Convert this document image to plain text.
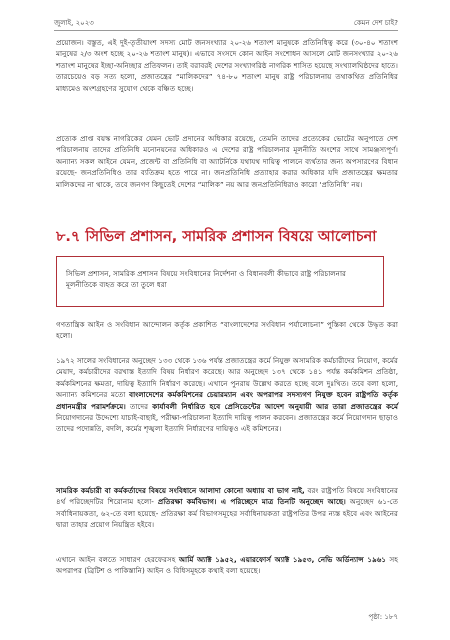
জুলাই, ২০২৩	কেমন দেশ চাই?

প্রয়োজন। বস্তুত, এই দুই-তৃতীয়াংশ সদস্য মোট জনসংখ্যার ২০-২৬ শতাংশ মানুষকে প্রতিনিধিত্ব করে (৩০-৪০ শতাংশ মানুষের ২/৩ অংশ হচ্ছে ২০-২৬ শতাংশ মানুষ)। এভাবে সংসদে কোন আইন সংশোধন আসলে মোট জনসংখ্যার ২০-২৬ শতাংশ মানুষের ইচ্ছা-অনিচ্ছার প্রতিফলন। তাই বরাবরই দেশের সংখ্যাগরিষ্ঠ নাগরিক শাসিত হয়েছে সংখ্যালঘিষ্ঠদের হাতে। তারচেয়েও বড় সত্য হলো, প্রজাতন্ত্রের “মালিকদের” ৭৪-৮০ শতাংশ মানুষ রাষ্ট্র পরিচালনায় তথাকথিত প্রতিনিধির মাধ্যমেও অংশগ্রহণের সুযোগ থেকে বঞ্চিত হচ্ছে।

প্রত্যেক প্রাপ্ত বয়স্ক নাগরিকের যেমন ভোট প্রদানের অধিকার রয়েছে, তেমনি তাদের প্রত্যেকের ভোটের অনুপাতে দেশ পরিচালনায় তাদের প্রতিনিধি মনোনয়নের অধিকারও এ দেশের রাষ্ট্র পরিচালনার মূলনীতি অংশের সাথে সামঞ্জস্যপূর্ণ। অন্যান্য সকল আইনে যেমন, প্রজেন্ট বা প্রতিনিধি বা অ্যাটর্নিকে যথাযথ দায়িত্ব পালনে ব্যর্থতার জন্য অপসারণের বিধান রয়েছে- জনপ্রতিনিধিও তার ব্যতিক্রম হতে পারে না। জনপ্রতিনিধি প্রত্যাহার করার অধিকার যদি প্রজাতন্ত্রের ক্ষমতার মালিকদের না থাকে, তবে জনগণ কিছুতেই দেশের “মালিক” নয় আর জনপ্রতিনিধিরাও কারো ‘প্রতিনিধি’ নয়।

৮.৭ সিভিল প্রশাসন, সামরিক প্রশাসন বিষয়ে আলোচনা

সিভিল প্রশাসন, সামরিক প্রশাসন বিষয়ে সংবিধানের নির্দেশনা ও বিধানবলী কীভাবে রাষ্ট্র পরিচালনার মূলনীতিকে ব্যহত করে তা তুলে ধরা

গণতান্ত্রিক আইন ও সংবিধান আন্দোলন কর্তৃক প্রকাশিত “বাংলাদেশের সংবিধান পর্যালোচনা” পুস্তিকা থেকে উদ্ধৃত করা হলো।

১৯৭২ সালের সংবিধানের অনুচ্ছেদ ১৩৩ থেকে ১৩৬ পর্যন্ত প্রজাতন্ত্রের কর্মে নিযুক্ত অসামরিক কর্মচারীদের নিয়োগ, কর্মের মেয়াদ, কর্মচারীদের বরখাস্ত ইত্যাদি বিষয় নির্ধারণ করেছে। আর অনুচ্ছেদ ১৩৭ থেকে ১৪১ পর্যন্ত কর্মকমিশন প্রতিষ্ঠা, কর্মকমিশনের ক্ষমতা, দায়িত্ব ইত্যাদি নির্ধারণ করেছে। এখানে পুনরায় উল্লেখ করতে হচ্ছে বলে দুঃখিত। তবে বলা হলো, অন্যান্য কমিশনের মতো বাংলাদেশের কর্মকমিশনের চেয়ারম্যান এবং অপরাপর সদস্যগণ নিযুক্ত হবেন রাষ্ট্রপতি কর্তৃক প্রধানমন্ত্রীর পরামর্শক্রমে। তাদের কার্যাবলী নির্ধারিত হবে প্রেসিডেন্টের আদেশ অনুযায়ী আর তারা প্রজাতন্ত্রের কর্মে নিয়োগদানের উদ্দেশ্যে যাচাই-বাছাই, পরীক্ষা-পরিচালনা ইত্যাদি দায়িত্ব পালন করবেন। প্রজাতন্ত্রের কর্মে নিয়োগদান ছাড়াও তাদের পদোন্নতি, বদলি, কর্মের শৃঙ্খলা ইত্যাদি নির্ধারণের দায়িত্বও এই কমিশনের।

সামরিক কর্মচারী বা কর্মকর্তাদের বিষয়ে সংবিধানে আলাদা কোনো অধ্যায় বা ভাগ নাই, বরং রাষ্ট্রপতি বিষয়ে সংবিধানের ৪র্থ পরিচ্ছেদটির শিরোনাম হলো- প্রতিরক্ষা কর্মবিভাগ। এ পরিচ্ছেদে মাত্র তিনটি অনুচ্ছেদ আছে। অনুচ্ছেদ ৬১-তে সর্বাধিনায়কতা, ৬২-তে বলা হয়েছে- প্রতিরক্ষা কর্ম বিভাগসমূহের সর্বাধিনায়কতা রাষ্ট্রপতির উপর ন্যস্ত হইবে এবং আইনের দ্বারা তাহার প্রয়োগ নিয়ন্ত্রিত হইবে।

এখানে আইন বলতে সাধারণ হেরফেরসহ আর্মি অ্যাক্ট ১৯৫২, এয়ারফোর্স অ্যাক্ট ১৯৫৩, নেভি অর্ডিন্যান্স ১৯৬১ সহ অপরাপর (ব্রিটিশ ও পাকিস্তানি) আইন ও বিধিসমূহকে কথাই বলা হয়েছে।

পৃষ্ঠা: ১৮৭
